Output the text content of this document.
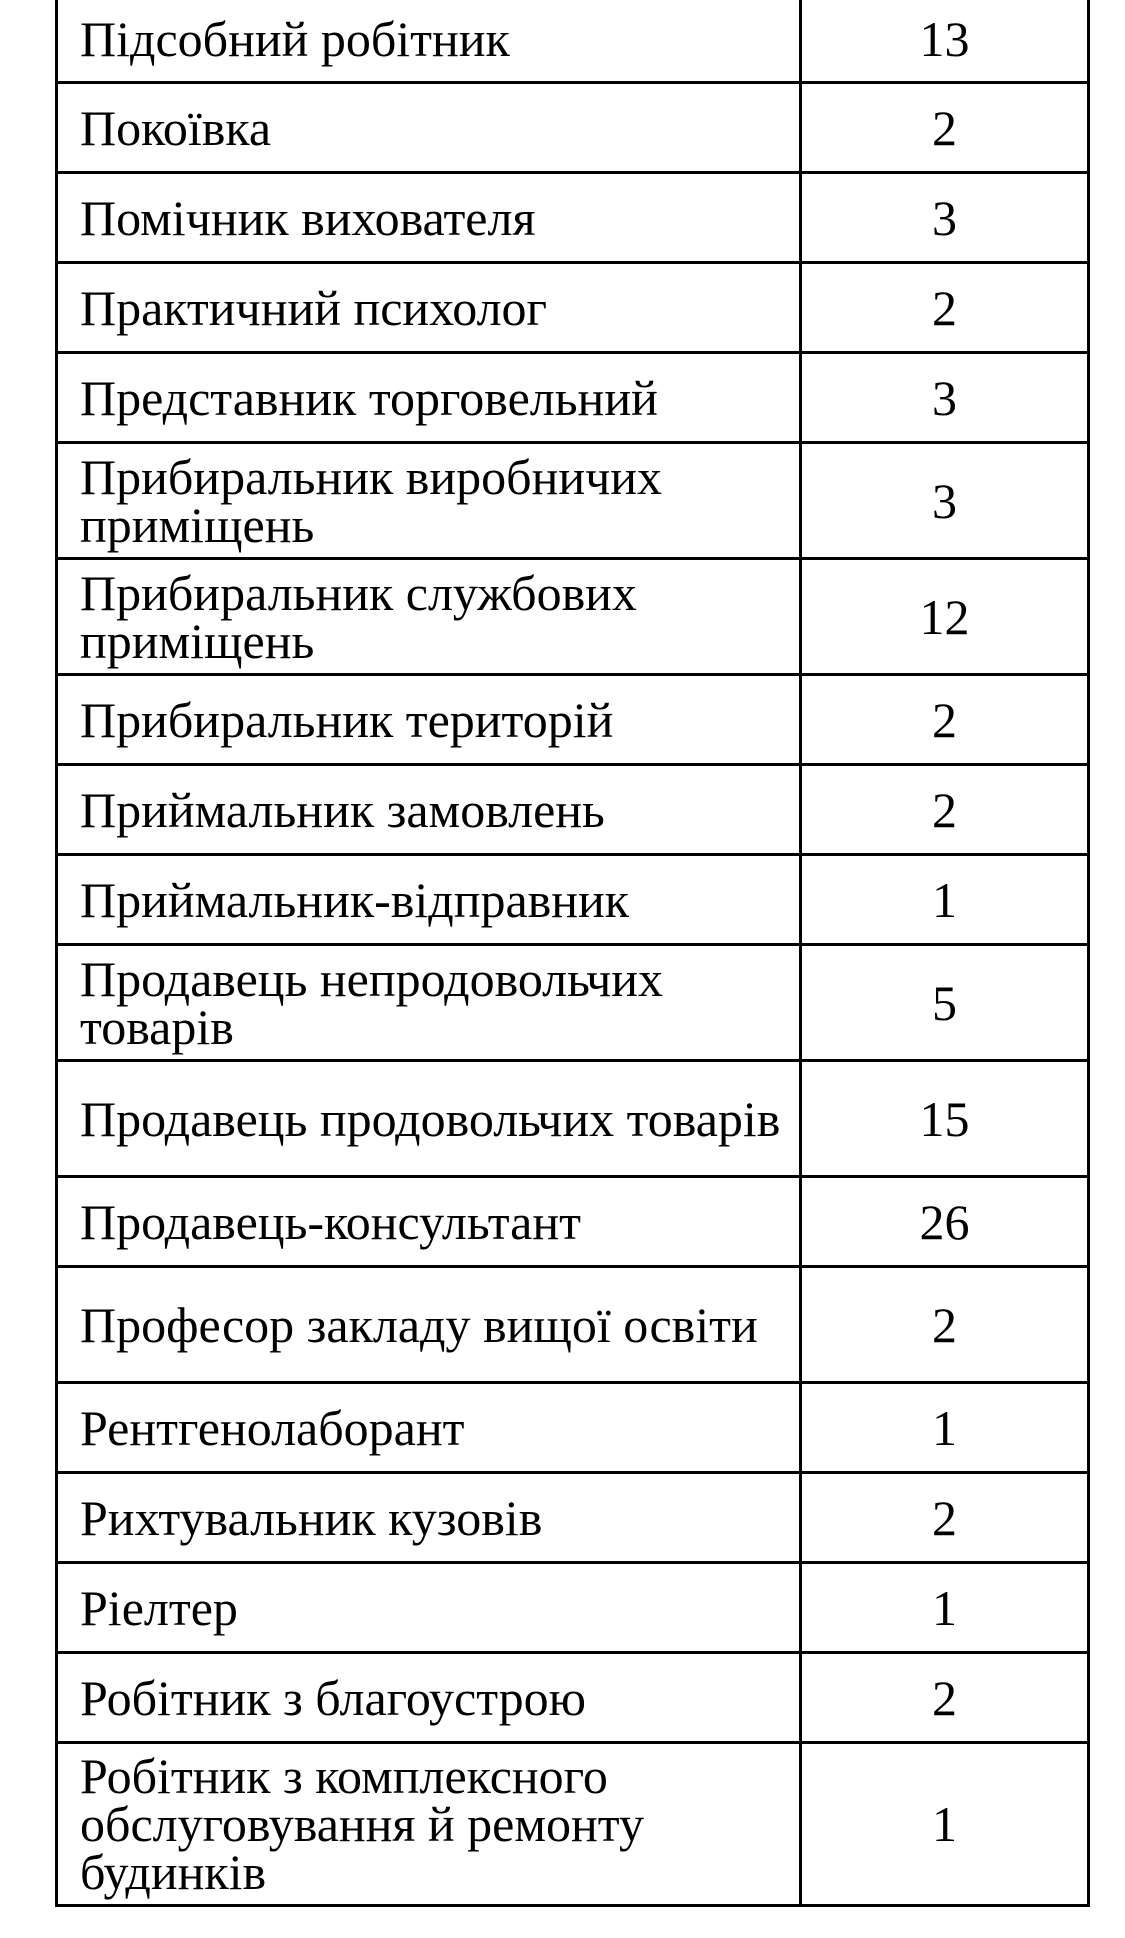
Підсобний робітник	13
Покоївка	2
Помічник вихователя	3
Практичний психолог	2
Представник торговельний	3
Прибиральник виробничих приміщень	3
Прибиральник службових приміщень	12
Прибиральник територій	2
Приймальник замовлень	2
Приймальник-відправник	1
Продавець непродовольчих товарів	5
Продавець продовольчих товарів	15
Продавець-консультант	26
Професор закладу вищої освіти	2
Рентгенолаборант	1
Рихтувальник кузовів	2
Ріелтер	1
Робітник з благоустрою	2
Робітник з комплексного обслуговування й ремонту будинків	1
